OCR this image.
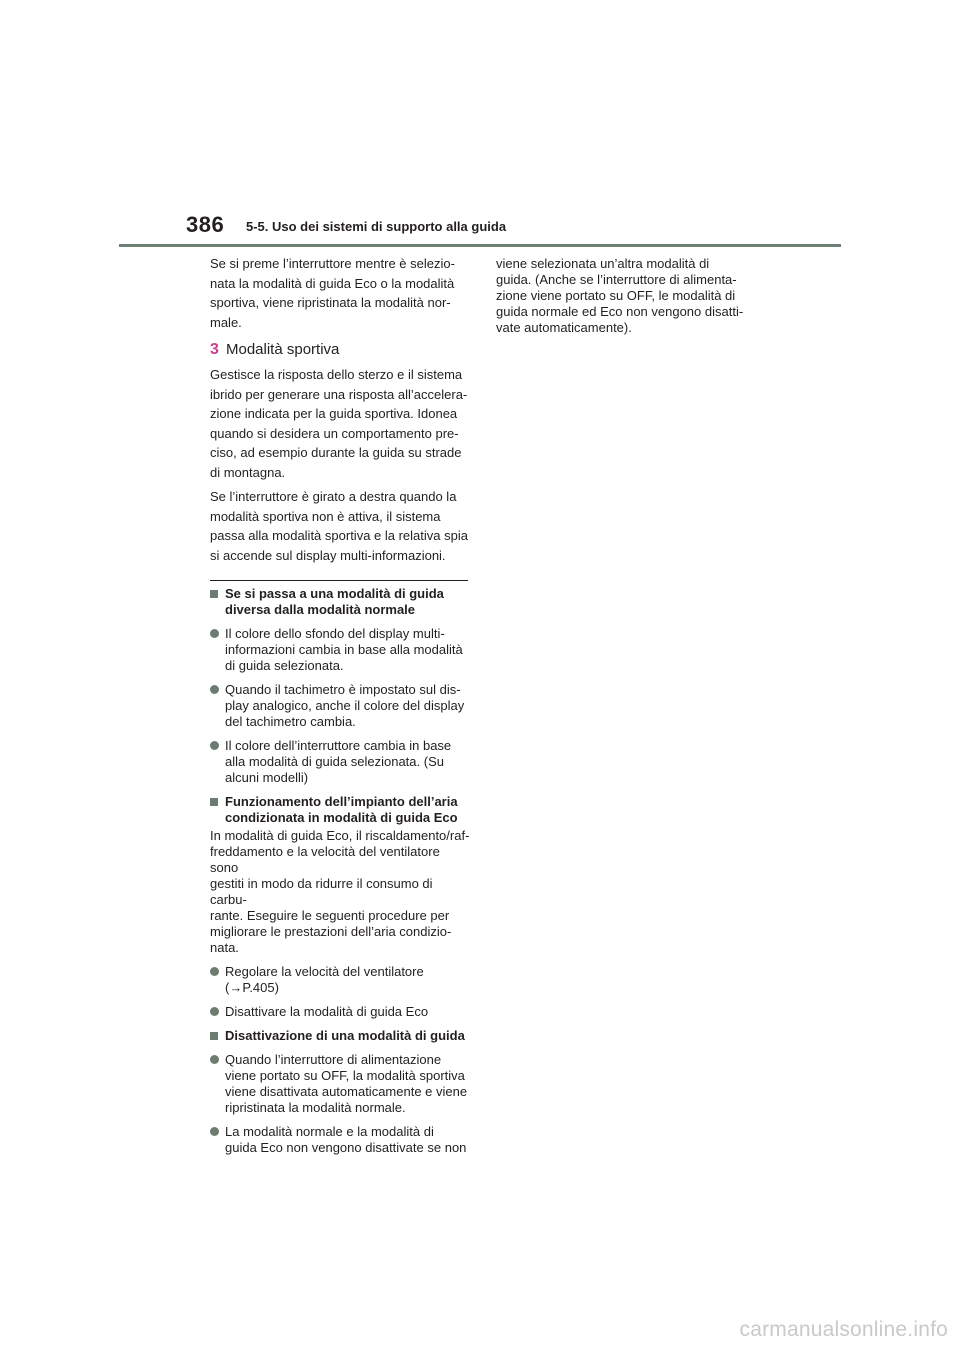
386 5-5. Uso dei sistemi di supporto alla guida

Se si preme l’interruttore mentre è selezio-
nata la modalità di guida Eco o la modalità
sportiva, viene ripristinata la modalità nor-
male.

3 Modalità sportiva

Gestisce la risposta dello sterzo e il sistema
ibrido per generare una risposta all’accelera-
zione indicata per la guida sportiva. Idonea
quando si desidera un comportamento pre-
ciso, ad esempio durante la guida su strade
di montagna.

Se l’interruttore è girato a destra quando la
modalità sportiva non è attiva, il sistema
passa alla modalità sportiva e la relativa spia
si accende sul display multi-informazioni.

Se si passa a una modalità di guida
diversa dalla modalità normale
Il colore dello sfondo del display multi-
informazioni cambia in base alla modalità
di guida selezionata.
Quando il tachimetro è impostato sul dis-
play analogico, anche il colore del display
del tachimetro cambia.
Il colore dell’interruttore cambia in base
alla modalità di guida selezionata. (Su
alcuni modelli)
Funzionamento dell’impianto dell’aria
condizionata in modalità di guida Eco

In modalità di guida Eco, il riscaldamento/raf-
freddamento e la velocità del ventilatore sono
gestiti in modo da ridurre il consumo di carbu-
rante. Eseguire le seguenti procedure per
migliorare le prestazioni dell’aria condizio-
nata.

Regolare la velocità del ventilatore
(→P.405)
Disattivare la modalità di guida Eco
Disattivazione di una modalità di guida
Quando l’interruttore di alimentazione
viene portato su OFF, la modalità sportiva
viene disattivata automaticamente e viene
ripristinata la modalità normale.
La modalità normale e la modalità di
guida Eco non vengono disattivate se non

viene selezionata un’altra modalità di
guida. (Anche se l’interruttore di alimenta-
zione viene portato su OFF, le modalità di
guida normale ed Eco non vengono disatti-
vate automaticamente).

carmanualsonline.info
